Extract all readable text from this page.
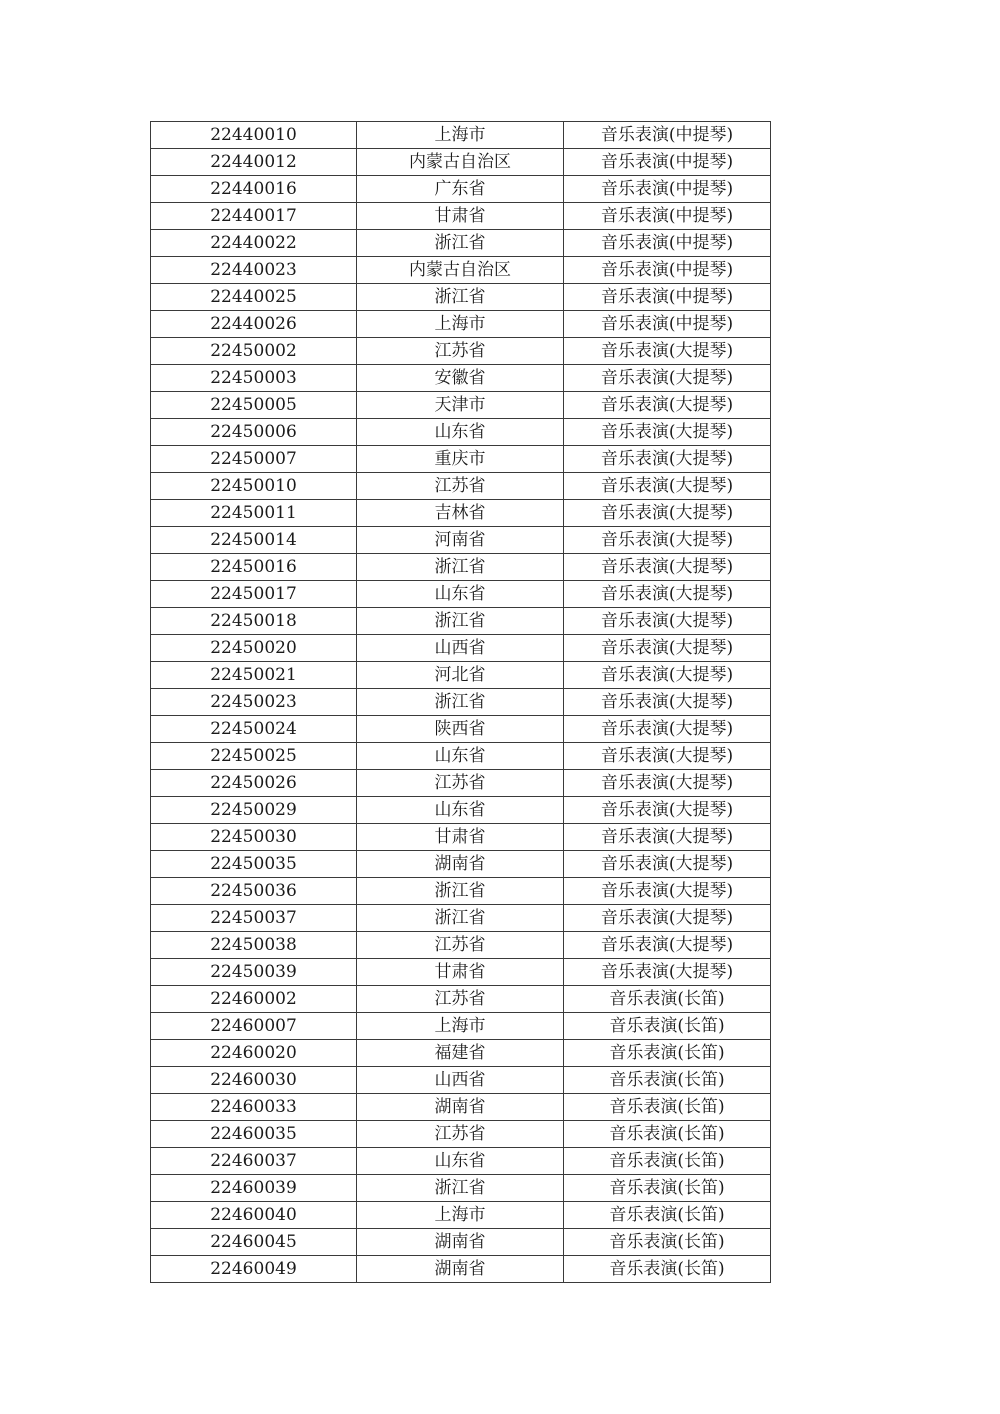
22440010	上海市	音乐表演(中提琴)
22440012	内蒙古自治区	音乐表演(中提琴)
22440016	广东省	音乐表演(中提琴)
22440017	甘肃省	音乐表演(中提琴)
22440022	浙江省	音乐表演(中提琴)
22440023	内蒙古自治区	音乐表演(中提琴)
22440025	浙江省	音乐表演(中提琴)
22440026	上海市	音乐表演(中提琴)
22450002	江苏省	音乐表演(大提琴)
22450003	安徽省	音乐表演(大提琴)
22450005	天津市	音乐表演(大提琴)
22450006	山东省	音乐表演(大提琴)
22450007	重庆市	音乐表演(大提琴)
22450010	江苏省	音乐表演(大提琴)
22450011	吉林省	音乐表演(大提琴)
22450014	河南省	音乐表演(大提琴)
22450016	浙江省	音乐表演(大提琴)
22450017	山东省	音乐表演(大提琴)
22450018	浙江省	音乐表演(大提琴)
22450020	山西省	音乐表演(大提琴)
22450021	河北省	音乐表演(大提琴)
22450023	浙江省	音乐表演(大提琴)
22450024	陕西省	音乐表演(大提琴)
22450025	山东省	音乐表演(大提琴)
22450026	江苏省	音乐表演(大提琴)
22450029	山东省	音乐表演(大提琴)
22450030	甘肃省	音乐表演(大提琴)
22450035	湖南省	音乐表演(大提琴)
22450036	浙江省	音乐表演(大提琴)
22450037	浙江省	音乐表演(大提琴)
22450038	江苏省	音乐表演(大提琴)
22450039	甘肃省	音乐表演(大提琴)
22460002	江苏省	音乐表演(长笛)
22460007	上海市	音乐表演(长笛)
22460020	福建省	音乐表演(长笛)
22460030	山西省	音乐表演(长笛)
22460033	湖南省	音乐表演(长笛)
22460035	江苏省	音乐表演(长笛)
22460037	山东省	音乐表演(长笛)
22460039	浙江省	音乐表演(长笛)
22460040	上海市	音乐表演(长笛)
22460045	湖南省	音乐表演(长笛)
22460049	湖南省	音乐表演(长笛)
